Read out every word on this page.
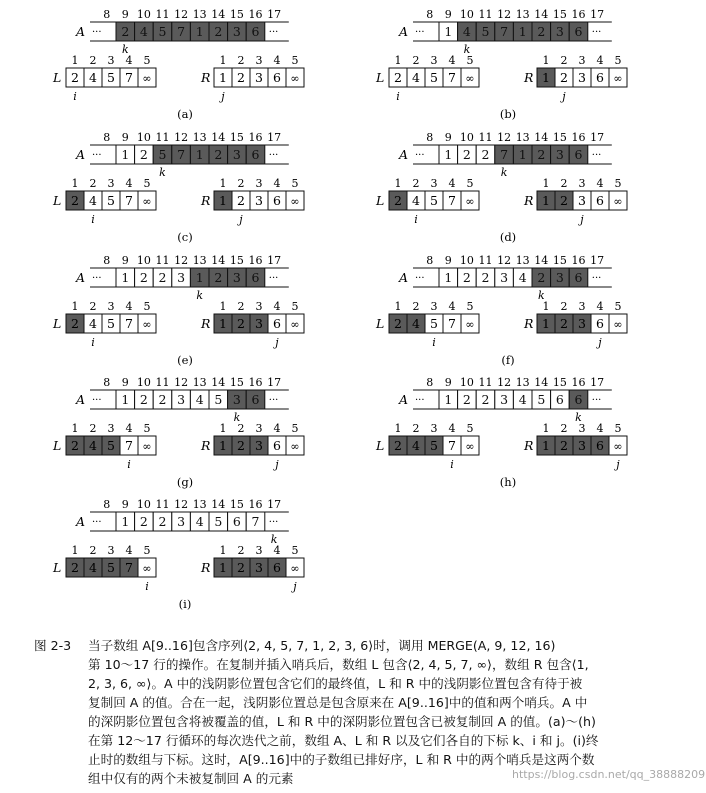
A ···	···
8 9 10 11 12 13 14 15 16 17
2 4 5 7 1 2 3 6
k
L
1 2 3 4 5
2 4 5 7 ∞
i
R
1 2 3 4 5
1 2 3 6 ∞
j
(a)
A ···	···
8 9 10 11 12 13 14 15 16 17
1 4 5 7 1 2 3 6
k
L
1 2 3 4 5
2 4 5 7 ∞
i
R
1 2 3 4 5
1 2 3 6 ∞
j
(b)
A ···	···
8 9 10 11 12 13 14 15 16 17
1 2 5 7 1 2 3 6
k
L
1 2 3 4 5
2 4 5 7 ∞
i
R
1 2 3 4 5
1 2 3 6 ∞
j
(c)
A ···	···
8 9 10 11 12 13 14 15 16 17
1 2 2 7 1 2 3 6
k
L
1 2 3 4 5
2 4 5 7 ∞
i
R
1 2 3 4 5
1 2 3 6 ∞
j
(d)
A ···	···
8 9 10 11 12 13 14 15 16 17
1 2 2 3 1 2 3 6
k
L
1 2 3 4 5
2 4 5 7 ∞
i
R
1 2 3 4 5
1 2 3 6 ∞
j
(e)
A ···	···
8 9 10 11 12 13 14 15 16 17
1 2 2 3 4 2 3 6
k
L
1 2 3 4 5
2 4 5 7 ∞
i
R
1 2 3 4 5
1 2 3 6 ∞
j
(f)
A ···	···
8 9 10 11 12 13 14 15 16 17
1 2 2 3 4 5 3 6
k
L
1 2 3 4 5
2 4 5 7 ∞
i
R
1 2 3 4 5
1 2 3 6 ∞
j
(g)
A ···	···
8 9 10 11 12 13 14 15 16 17
1 2 2 3 4 5 6 6
k
L
1 2 3 4 5
2 4 5 7 ∞
i
R
1 2 3 4 5
1 2 3 6 ∞
j
(h)
A ···	···
8 9 10 11 12 13 14 15 16 17
1 2 2 3 4 5 6 7
k
L
1 2 3 4 5
2 4 5 7 ∞
i
R
1 2 3 4 5
1 2 3 6 ∞
j
(i)
图 2-3 当子数组 A[9..16]包含序列⟨2, 4, 5, 7, 1, 2, 3, 6⟩时，调用 MERGE(A, 9, 12, 16)
第 10～17 行的操作。在复制并插入哨兵后，数组 L 包含⟨2, 4, 5, 7, ∞⟩，数组 R 包含⟨1,
2, 3, 6, ∞⟩。A 中的浅阴影位置包含它们的最终值，L 和 R 中的浅阴影位置包含有待于被
复制回 A 的值。合在一起，浅阴影位置总是包含原来在 A[9..16]中的值和两个哨兵。A 中
的深阴影位置包含将被覆盖的值，L 和 R 中的深阴影位置包含已被复制回 A 的值。(a)～(h)
在第 12～17 行循环的每次迭代之前，数组 A、L 和 R 以及它们各自的下标 k、i 和 j。(i)终
止时的数组与下标。这时，A[9..16]中的子数组已排好序，L 和 R 中的两个哨兵是这两个数
组中仅有的两个未被复制回 A 的元素	https://blog.csdn.net/qq_38888209
